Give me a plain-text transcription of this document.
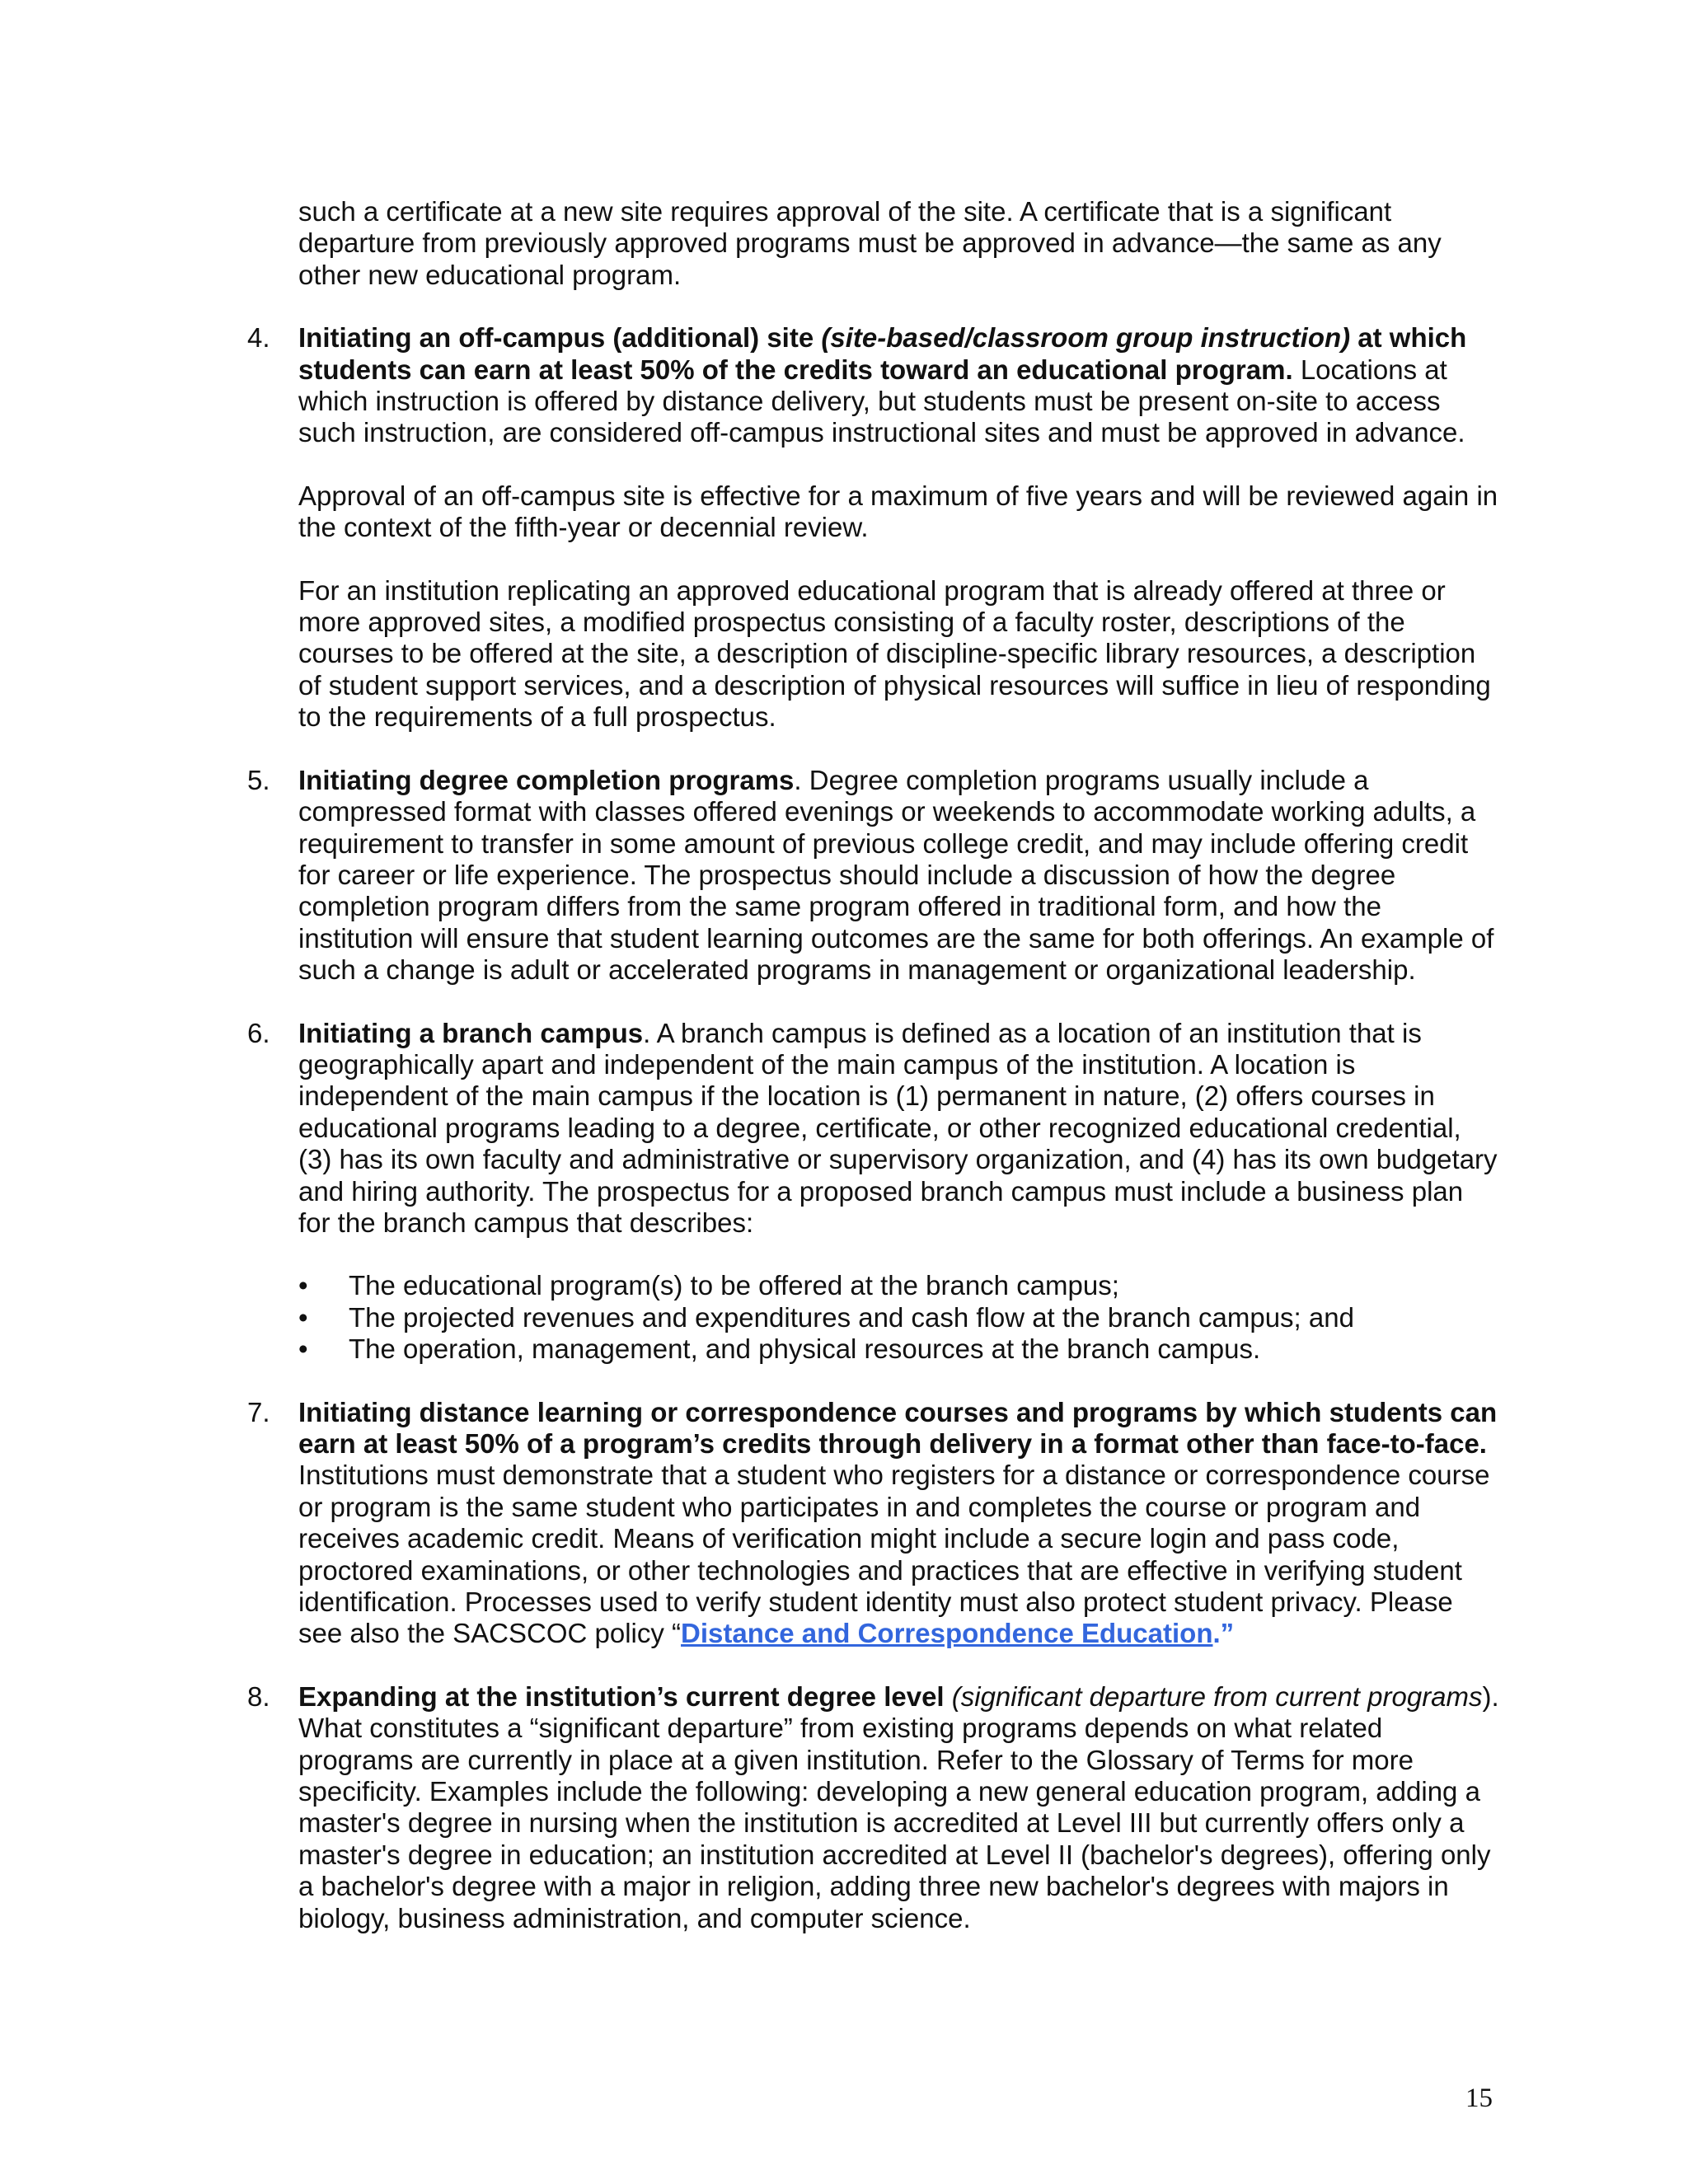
such a certificate at a new site requires approval of the site. A certificate that is a significant departure from previously approved programs must be approved in advance—the same as any other new educational program.

4.	Initiating an off-campus (additional) site (site-based/classroom group instruction) at which students can earn at least 50% of the credits toward an educational program. Locations at which instruction is offered by distance delivery, but students must be present on-site to access such instruction, are considered off-campus instructional sites and must be approved in advance.

Approval of an off-campus site is effective for a maximum of five years and will be reviewed again in the context of the fifth-year or decennial review.

For an institution replicating an approved educational program that is already offered at three or more approved sites, a modified prospectus consisting of a faculty roster, descriptions of the courses to be offered at the site, a description of discipline-specific library resources, a description of student support services, and a description of physical resources will suffice in lieu of responding to the requirements of a full prospectus.

5.	Initiating degree completion programs. Degree completion programs usually include a compressed format with classes offered evenings or weekends to accommodate working adults, a requirement to transfer in some amount of previous college credit, and may include offering credit for career or life experience. The prospectus should include a discussion of how the degree completion program differs from the same program offered in traditional form, and how the institution will ensure that student learning outcomes are the same for both offerings. An example of such a change is adult or accelerated programs in management or organizational leadership.

6.	Initiating a branch campus. A branch campus is defined as a location of an institution that is geographically apart and independent of the main campus of the institution. A location is independent of the main campus if the location is (1) permanent in nature, (2) offers courses in educational programs leading to a degree, certificate, or other recognized educational credential, (3) has its own faculty and administrative or supervisory organization, and (4) has its own budgetary and hiring authority. The prospectus for a proposed branch campus must include a business plan for the branch campus that describes:

• The educational program(s) to be offered at the branch campus;
• The projected revenues and expenditures and cash flow at the branch campus; and
• The operation, management, and physical resources at the branch campus.
7.	Initiating distance learning or correspondence courses and programs by which students can earn at least 50% of a program’s credits through delivery in a format other than face-to-face. Institutions must demonstrate that a student who registers for a distance or correspondence course or program is the same student who participates in and completes the course or program and receives academic credit. Means of verification might include a secure login and pass code, proctored examinations, or other technologies and practices that are effective in verifying student identification. Processes used to verify student identity must also protect student privacy. Please see also the SACSCOC policy “Distance and Correspondence Education.”

8.	Expanding at the institution’s current degree level (significant departure from current programs). What constitutes a “significant departure” from existing programs depends on what related programs are currently in place at a given institution. Refer to the Glossary of Terms for more specificity. Examples include the following: developing a new general education program, adding a master's degree in nursing when the institution is accredited at Level III but currently offers only a master's degree in education; an institution accredited at Level II (bachelor's degrees), offering only a bachelor's degree with a major in religion, adding three new bachelor's degrees with majors in biology, business administration, and computer science.

15
